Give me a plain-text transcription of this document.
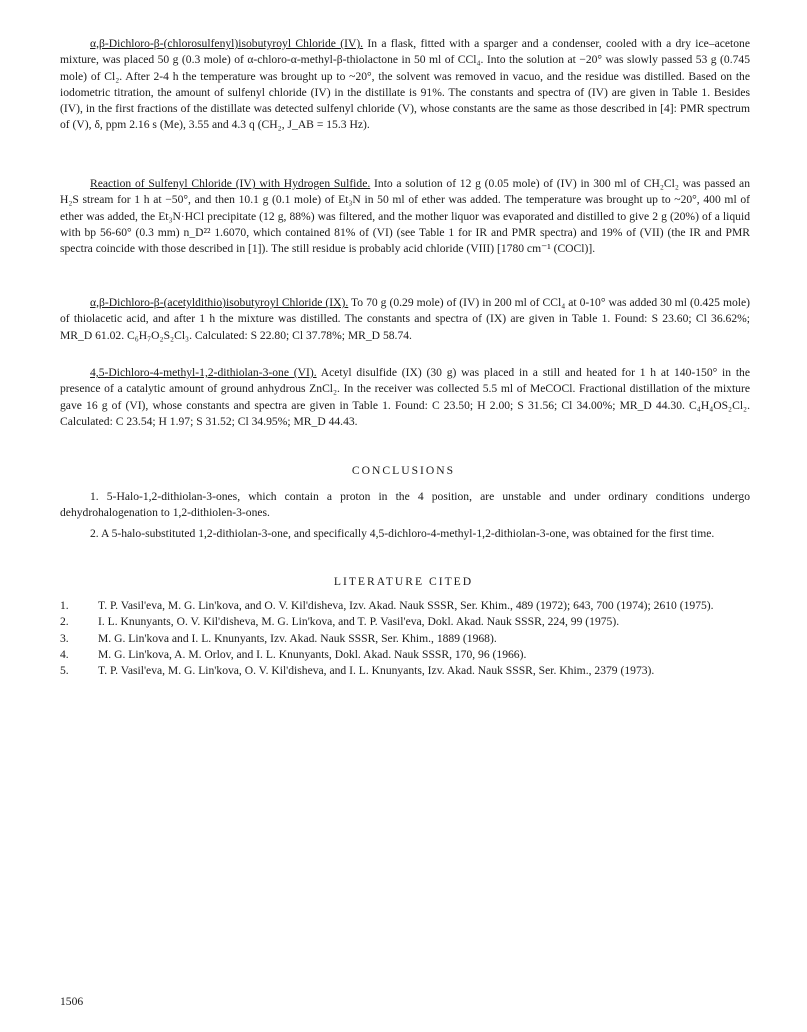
α,β-Dichloro-β-(chlorosulfenyl)isobutyroyl Chloride (IV). In a flask, fitted with a sparger and a condenser, cooled with a dry ice–acetone mixture, was placed 50 g (0.3 mole) of α-chloro-α-methyl-β-thiolactone in 50 ml of CCl₄. Into the solution at −20° was slowly passed 53 g (0.745 mole) of Cl₂. After 2-4 h the temperature was brought up to ~20°, the solvent was removed in vacuo, and the residue was distilled. Based on the iodometric titration, the amount of sulfenyl chloride (IV) in the distillate is 91%. The constants and spectra of (IV) are given in Table 1. Besides (IV), in the first fractions of the distillate was detected sulfenyl chloride (V), whose constants are the same as those described in [4]: PMR spectrum of (V), δ, ppm 2.16 s (Me), 3.55 and 4.3 q (CH₂, J_AB = 15.3 Hz).

Reaction of Sulfenyl Chloride (IV) with Hydrogen Sulfide. Into a solution of 12 g (0.05 mole) of (IV) in 300 ml of CH₂Cl₂ was passed an H₂S stream for 1 h at −50°, and then 10.1 g (0.1 mole) of Et₃N in 50 ml of ether was added. The temperature was brought up to ~20°, 400 ml of ether was added, the Et₃N·HCl precipitate (12 g, 88%) was filtered, and the mother liquor was evaporated and distilled to give 2 g (20%) of a liquid with bp 56-60° (0.3 mm) n_D²² 1.6070, which contained 81% of (VI) (see Table 1 for IR and PMR spectra) and 19% of (VII) (the IR and PMR spectra coincide with those described in [1]). The still residue is probably acid chloride (VIII) [1780 cm⁻¹ (COCl)].

α,β-Dichloro-β-(acetyldithio)isobutyroyl Chloride (IX). To 70 g (0.29 mole) of (IV) in 200 ml of CCl₄ at 0-10° was added 30 ml (0.425 mole) of thiolacetic acid, and after 1 h the mixture was distilled. The constants and spectra of (IX) are given in Table 1. Found: S 23.60; Cl 36.62%; MR_D 61.02. C₆H₇O₂S₂Cl₃. Calculated: S 22.80; Cl 37.78%; MR_D 58.74.

4,5-Dichloro-4-methyl-1,2-dithiolan-3-one (VI). Acetyl disulfide (IX) (30 g) was placed in a still and heated for 1 h at 140-150° in the presence of a catalytic amount of ground anhydrous ZnCl₂. In the receiver was collected 5.5 ml of MeCOCl. Fractional distillation of the mixture gave 16 g of (VI), whose constants and spectra are given in Table 1. Found: C 23.50; H 2.00; S 31.56; Cl 34.00%; MR_D 44.30. C₄H₄OS₂Cl₂. Calculated: C 23.54; H 1.97; S 31.52; Cl 34.95%; MR_D 44.43.

CONCLUSIONS

1. 5-Halo-1,2-dithiolan-3-ones, which contain a proton in the 4 position, are unstable and under ordinary conditions undergo dehydrohalogenation to 1,2-dithiolen-3-ones.

2. A 5-halo-substituted 1,2-dithiolan-3-one, and specifically 4,5-dichloro-4-methyl-1,2-dithiolan-3-one, was obtained for the first time.

LITERATURE CITED

1.	T. P. Vasil'eva, M. G. Lin'kova, and O. V. Kil'disheva, Izv. Akad. Nauk SSSR, Ser. Khim., 489 (1972); 643, 700 (1974); 2610 (1975).
2.	I. L. Knunyants, O. V. Kil'disheva, M. G. Lin'kova, and T. P. Vasil'eva, Dokl. Akad. Nauk SSSR, 224, 99 (1975).
3.	M. G. Lin'kova and I. L. Knunyants, Izv. Akad. Nauk SSSR, Ser. Khim., 1889 (1968).
4.	M. G. Lin'kova, A. M. Orlov, and I. L. Knunyants, Dokl. Akad. Nauk SSSR, 170, 96 (1966).
5.	T. P. Vasil'eva, M. G. Lin'kova, O. V. Kil'disheva, and I. L. Knunyants, Izv. Akad. Nauk SSSR, Ser. Khim., 2379 (1973).

1506
